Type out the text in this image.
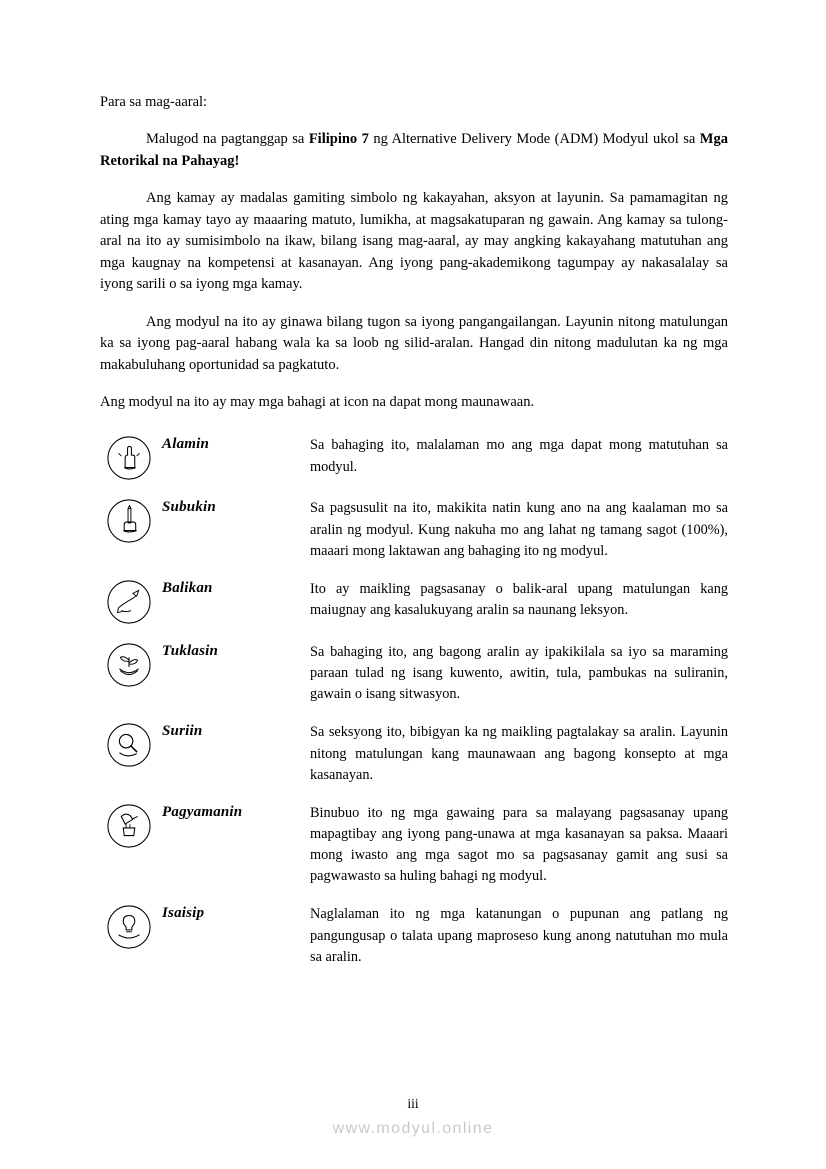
Para sa mag-aaral:

Malugod na pagtanggap sa Filipino 7 ng Alternative Delivery Mode (ADM) Modyul ukol sa Mga Retorikal na Pahayag!

Ang kamay ay madalas gamiting simbolo ng kakayahan, aksyon at layunin. Sa pamamagitan ng ating mga kamay tayo ay maaaring matuto, lumikha, at magsakatuparan ng gawain. Ang kamay sa tulong-aral na ito ay sumisimbolo na ikaw, bilang isang mag-aaral, ay may angking kakayahang matutuhan ang mga kaugnay na kompetensi at kasanayan. Ang iyong pang-akademikong tagumpay ay nakasalalay sa iyong sarili o sa iyong mga kamay.

Ang modyul na ito ay ginawa bilang tugon sa iyong pangangailangan. Layunin nitong matulungan ka sa iyong pag-aaral habang wala ka sa loob ng silid-aralan. Hangad din nitong madulutan ka ng mga makabuluhang oportunidad sa pagkatuto.

Ang modyul na ito ay may mga bahagi at icon na dapat mong maunawaan.

	Alamin	Sa bahaging ito, malalaman mo ang mga dapat mong matutuhan sa modyul.

	Subukin	Sa pagsusulit na ito, makikita natin kung ano na ang kaalaman mo sa aralin ng modyul. Kung nakuha mo ang lahat ng tamang sagot (100%), maaari mong laktawan ang bahaging ito ng modyul.

	Balikan	Ito ay maikling pagsasanay o balik-aral upang matulungan kang maiugnay ang kasalukuyang aralin sa naunang leksyon.

	Tuklasin	Sa bahaging ito, ang bagong aralin ay ipakikilala sa iyo sa maraming paraan tulad ng isang kuwento, awitin, tula, pambukas na suliranin, gawain o isang sitwasyon.

	Suriin	Sa seksyong ito, bibigyan ka ng maikling pagtalakay sa aralin. Layunin nitong matulungan kang maunawaan ang bagong konsepto at mga kasanayan.

	Pagyamanin	Binubuo ito ng mga gawaing para sa malayang pagsasanay upang mapagtibay ang iyong pang-unawa at mga kasanayan sa paksa. Maaari mong iwasto ang mga sagot mo sa pagsasanay gamit ang susi sa pagwawasto sa huling bahagi ng modyul.

	Isaisip	Naglalaman ito ng mga katanungan o pupunan ang patlang ng pangungusap o talata upang maproseso kung anong natutuhan mo mula sa aralin.

iii
www.modyul.online
